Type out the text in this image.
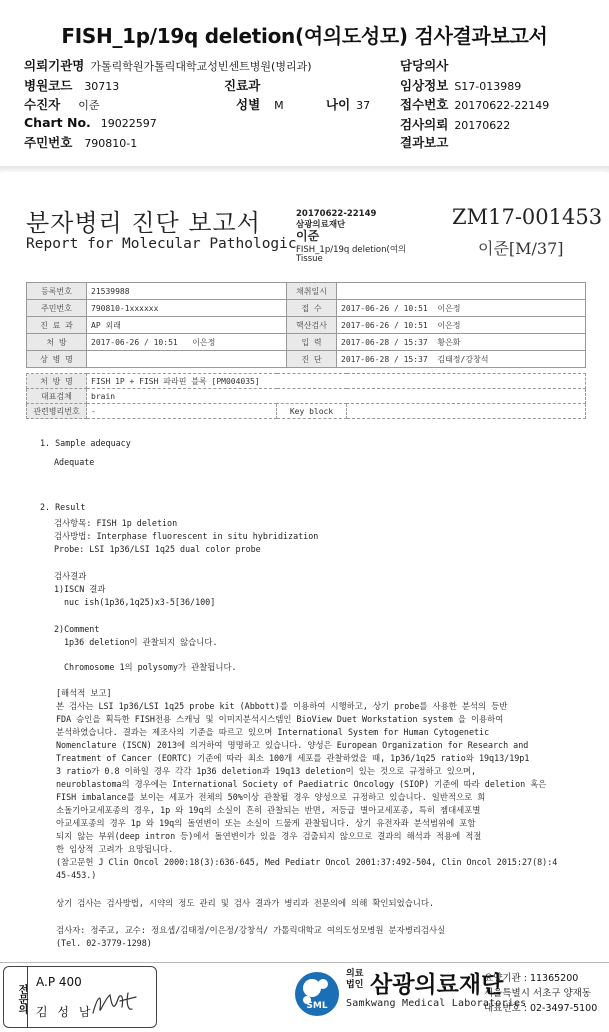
FISH_1p/19q deletion(여의도성모) 검사결과보고서
의뢰기관명 가톨릭학원가톨릭대학교성빈센트병원(병리과)	담당의사
병원코드 30713	진료과	임상정보 S17-013989
수진자 이준	성별 M	나이 37 접수번호 20170622-22149
Chart No. 19022597	검사의뢰 20170622
주민번호 790810-1	결과보고
분자병리 진단 보고서
Report for Molecular Pathologic
20170622-22149
삼광의료재단
이준
FISH_1p/19q deletion(여의
Tissue
ZM17-001453
이준[M/37]
등록번호	21539988	채취일시	
주민번호	790810-1xxxxxx	접 수	2017-06-26 / 10:51 이은정
진 료 과	AP 외래	핵산검사	2017-06-26 / 10:51 이은정
처 방	2017-06-26 / 10:51 이은정	입 력	2017-06-28 / 15:37 황은화
상 병 명		진 단	2017-06-28 / 15:37 김태정/강창석
처 방 명	FISH 1P + FISH 파라핀 블록 [PM004035]		
대표검체	brain		
관련병리번호	-	Key block	
1. Sample adequacy
Adequate
2. Result
검사항목: FISH 1p deletion
검사방법: Interphase fluorescent in situ hybridization
Probe: LSI 1p36/LSI 1q25 dual color probe
검사결과
1)ISCN 결과
nuc ish(1p36,1q25)x3-5[36/100]
2)Comment
1p36 deletion이 관찰되지 않습니다.
Chromosome 1의 polysomy가 관찰됩니다.
[해석적 보고]
본 검사는 LSI 1p36/LSI 1q25 probe kit (Abbott)를 이용하여 시행하고, 상기 probe를 사용한 분석의 등반
FDA 승인을 획득한 FISH전용 스캐닝 및 이미지분석시스템인 BioView Duet Workstation system 을 이용하여
분석하였습니다. 결과는 제조사의 기준을 따르고 있으며 International System for Human Cytogenetic
Nomenclature (ISCN) 2013에 의거하여 명명하고 있습니다. 양성은 European Organization for Research and
Treatment of Cancer (EORTC) 기준에 따라 최소 100개 세포를 관찰하였을 때, 1p36/1q25 ratio와 19q13/19p1
3 ratio가 0.8 이하일 경우 각각 1p36 deletion과 19q13 deletion이 있는 것으로 규정하고 있으며,
neuroblastoma의 경우에는 International Society of Paediatric Oncology (SIOP) 기준에 따라 deletion 혹은
FISH imbalance를 보이는 세포가 전체의 50%이상 관찰될 경우 양성으로 규정하고 있습니다. 일반적으로 희
소돌기아교세포종의 경우, 1p 와 19q의 소실이 흔히 관찰되는 반면, 저등급 별아교세포종, 특히 젬대세포별
아교세포종의 경우 1p 와 19q의 돌연변이 또는 소실이 드물게 관찰됩니다. 상기 유전자좌 분석범위에 포함
되지 않는 부위(deep intron 등)에서 돌연변이가 있을 경우 검출되지 않으므로 결과의 해석과 적용에 적절
한 임상적 고려가 요망됩니다.
(참고문헌 J Clin Oncol 2000:18(3):636-645, Med Pediatr Oncol 2001:37:492-504, Clin Oncol 2015:27(8):4
45-453.)
상기 검사는 검사방법, 시약의 정도 관리 및 검사 결과가 병리과 전문의에 의해 확인되었습니다.
검사자: 정주교, 교수: 정요셉/김태정/이은정/강창석/ 가톨릭대학교 여의도성모병원 분자병리검사실
(Tel. 02-3779-1298)
전문의
A.P 400
김 성 남	SML
의료
법인 삼광의료재단
Samkwang Medical Laboratories
요양기관 : 11365200
서울특별시 서초구 양재동
대표번호 : 02-3497-5100
